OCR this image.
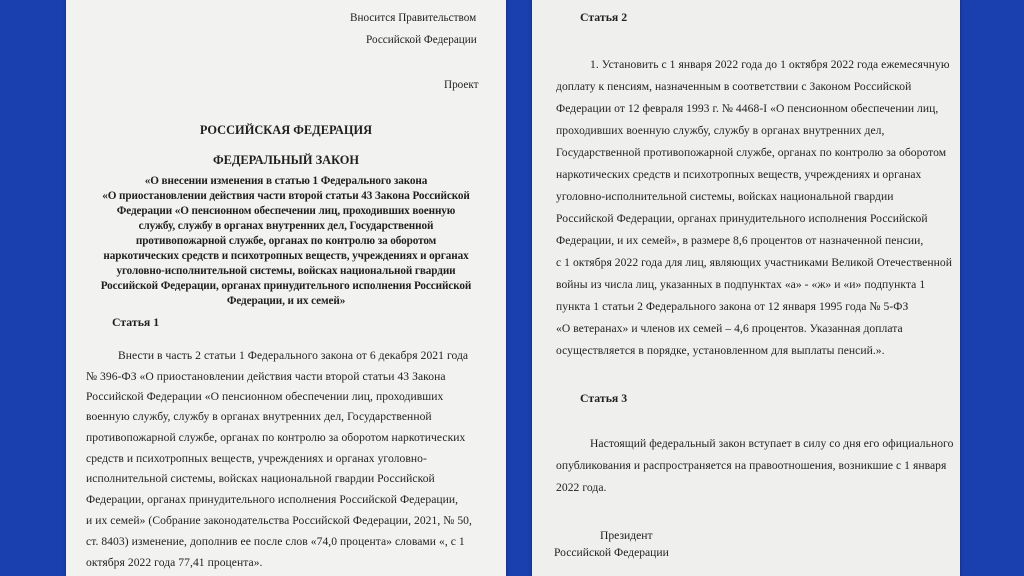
Вносится Правительством
Российской Федерации
Проект
РОССИЙСКАЯ ФЕДЕРАЦИЯ
ФЕДЕРАЛЬНЫЙ ЗАКОН
«О внесении изменения в статью 1 Федерального закона
«О приостановлении действия части второй статьи 43 Закона Российской
Федерации «О пенсионном обеспечении лиц, проходивших военную
службу, службу в органах внутренних дел, Государственной
противопожарной службе, органах по контролю за оборотом
наркотических средств и психотропных веществ, учреждениях и органах
уголовно-исполнительной системы, войсках национальной гвардии
Российской Федерации, органах принудительного исполнения Российской
Федерации, и их семей»
Статья 1
Внести в часть 2 статьи 1 Федерального закона от 6 декабря 2021 года
№ 396-ФЗ «О приостановлении действия части второй статьи 43 Закона
Российской Федерации «О пенсионном обеспечении лиц, проходивших
военную службу, службу в органах внутренних дел, Государственной
противопожарной службе, органах по контролю за оборотом наркотических
средств и психотропных веществ, учреждениях и органах уголовно-
исполнительной системы, войсках национальной гвардии Российской
Федерации, органах принудительного исполнения Российской Федерации,
и их семей» (Собрание законодательства Российской Федерации, 2021, № 50,
ст. 8403) изменение, дополнив ее после слов «74,0 процента» словами «, с 1
октября 2022 года 77,41 процента».
Статья 2
1. Установить с 1 января 2022 года до 1 октября 2022 года ежемесячную
доплату к пенсиям, назначенным в соответствии с Законом Российской
Федерации от 12 февраля 1993 г. № 4468-I «О пенсионном обеспечении лиц,
проходивших военную службу, службу в органах внутренних дел,
Государственной противопожарной службе, органах по контролю за оборотом
наркотических средств и психотропных веществ, учреждениях и органах
уголовно-исполнительной системы, войсках национальной гвардии
Российской Федерации, органах принудительного исполнения Российской
Федерации, и их семей», в размере 8,6 процентов от назначенной пенсии,
с 1 октября 2022 года для лиц, являющих участниками Великой Отечественной
войны из числа лиц, указанных в подпунктах «а» - «ж» и «и» подпункта 1
пункта 1 статьи 2 Федерального закона от 12 января 1995 года № 5-ФЗ
«О ветеранах» и членов их семей – 4,6 процентов. Указанная доплата
осуществляется в порядке, установленном для выплаты пенсий.».
Статья 3
Настоящий федеральный закон вступает в силу со дня его официального
опубликования и распространяется на правоотношения, возникшие с 1 января
2022 года.
Президент
Российской Федерации
